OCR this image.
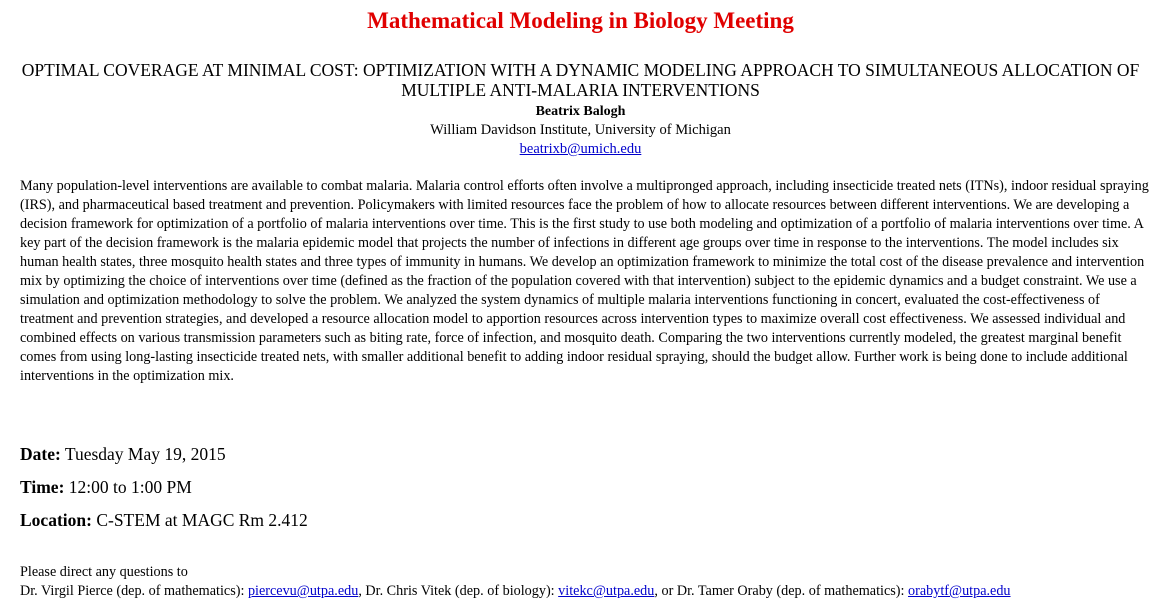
Mathematical Modeling in Biology Meeting
OPTIMAL COVERAGE AT MINIMAL COST: OPTIMIZATION WITH A DYNAMIC MODELING APPROACH TO SIMULTANEOUS ALLOCATION OF MULTIPLE ANTI-MALARIA INTERVENTIONS
Beatrix Balogh
William Davidson Institute, University of Michigan
beatrixb@umich.edu

Many population-level interventions are available to combat malaria. Malaria control efforts often involve a multipronged approach, including insecticide treated nets (ITNs), indoor residual spraying (IRS), and pharmaceutical based treatment and prevention. Policymakers with limited resources face the problem of how to allocate resources between different interventions. We are developing a decision framework for optimization of a portfolio of malaria interventions over time. This is the first study to use both modeling and optimization of a portfolio of malaria interventions over time. A key part of the decision framework is the malaria epidemic model that projects the number of infections in different age groups over time in response to the interventions. The model includes six human health states, three mosquito health states and three types of immunity in humans. We develop an optimization framework to minimize the total cost of the disease prevalence and intervention mix by optimizing the choice of interventions over time (defined as the fraction of the population covered with that intervention) subject to the epidemic dynamics and a budget constraint. We use a simulation and optimization methodology to solve the problem. We analyzed the system dynamics of multiple malaria interventions functioning in concert, evaluated the cost-effectiveness of treatment and prevention strategies, and developed a resource allocation model to apportion resources across intervention types to maximize overall cost effectiveness. We assessed individual and combined effects on various transmission parameters such as biting rate, force of infection, and mosquito death. Comparing the two interventions currently modeled, the greatest marginal benefit comes from using long-lasting insecticide treated nets, with smaller additional benefit to adding indoor residual spraying, should the budget allow. Further work is being done to include additional interventions in the optimization mix.

Date: Tuesday May 19, 2015
Time: 12:00 to 1:00 PM
Location: C-STEM at MAGC Rm 2.412
Please direct any questions to
Dr. Virgil Pierce (dep. of mathematics): piercevu@utpa.edu, Dr. Chris Vitek (dep. of biology): vitekc@utpa.edu, or Dr. Tamer Oraby (dep. of mathematics): orabytf@utpa.edu
